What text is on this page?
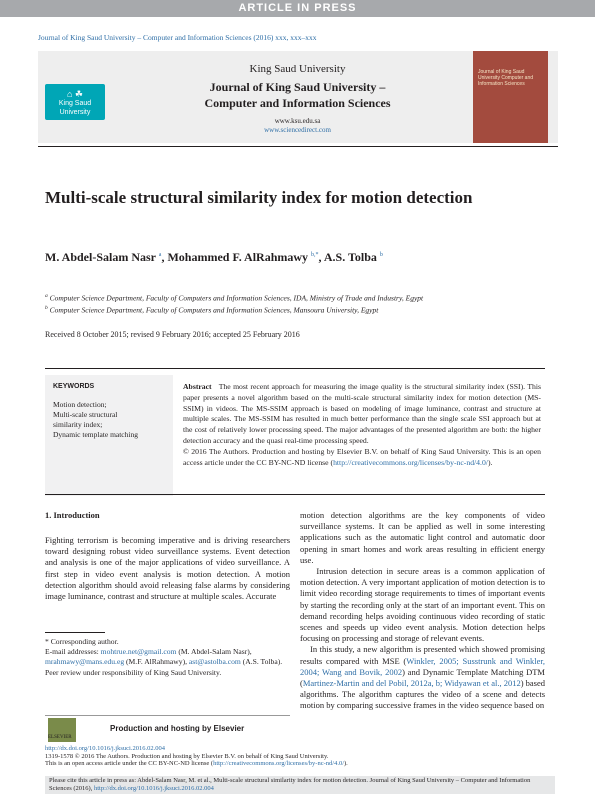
ARTICLE IN PRESS
Journal of King Saud University – Computer and Information Sciences (2016) xxx, xxx–xxx
⌂ ☘
King Saud University
King Saud University
Journal of King Saud University –
Computer and Information Sciences
www.ksu.edu.sa
www.sciencedirect.com
Journal of King Saud University Computer and Information Sciences
Multi-scale structural similarity index for motion detection
M. Abdel-Salam Nasr $^a$, Mohammed F. AlRahmawy $^{b,*}$, A.S. Tolba $^b$
$^a$ Computer Science Department, Faculty of Computers and Information Sciences, IDA, Ministry of Trade and Industry, Egypt
$^b$ Computer Science Department, Faculty of Computers and Information Sciences, Mansoura University, Egypt
Received 8 October 2015; revised 9 February 2016; accepted 25 February 2016
KEYWORDS
Motion detection;
Multi-scale structural
similarity index;
Dynamic template matching
Abstract The most recent approach for measuring the image quality is the structural similarity index (SSI). This paper presents a novel algorithm based on the multi-scale structural similarity index for motion detection (MS-SSIM) in videos. The MS-SSIM approach is based on modeling of image luminance, contrast and structure at multiple scales. The MS-SSIM has resulted in much better performance than the single scale SSI approach but at the cost of relatively lower processing speed. The major advantages of the presented algorithm are both: the higher detection accuracy and the quasi real-time processing speed.
© 2016 The Authors. Production and hosting by Elsevier B.V. on behalf of King Saud University. This is an open access article under the CC BY-NC-ND license (http://creativecommons.org/licenses/by-nc-nd/4.0/).
1. Introduction
Fighting terrorism is becoming imperative and is driving researchers toward designing robust video surveillance systems. Event detection and analysis is one of the major applications of video surveillance. A first step in video event analysis is motion detection. A motion detection algorithm should avoid releasing false alarms by considering image luminance, contrast and structure at multiple scales. Accurate
motion detection algorithms are the key components of video surveillance systems. It can be applied as well in some interesting applications such as the automatic light control and automatic door opening in smart homes and work areas resulting in efficient energy use.
Intrusion detection in secure areas is a common application of motion detection. A very important application of motion detection is to limit video recording storage requirements to times of important events by starting the recording only at the start of an important event. This on demand recording helps avoiding continuous video recording of static scenes and speeds up video event analysis. Motion detection helps focusing on processing and storage of relevant events.
In this study, a new algorithm is presented which showed promising results compared with MSE (Winkler, 2005; Susstrunk and Winkler, 2004; Wang and Bovik, 2002) and Dynamic Template Matching DTM (Martinez-Martin and del Pobil, 2012a, b; Widyawan et al., 2012) based algorithms. The algorithm captures the video of a scene and detects motion by comparing successive frames in the video sequence based on
* Corresponding author.
E-mail addresses: mohtrue.net@gmail.com (M. Abdel-Salam Nasr), mrahmawy@mans.edu.eg (M.F. AlRahmawy), ast@astolba.com (A.S. Tolba).
Peer review under responsibility of King Saud University.
ELSEVIER
Production and hosting by Elsevier
http://dx.doi.org/10.1016/j.jksuci.2016.02.004
1319-1578 © 2016 The Authors. Production and hosting by Elsevier B.V. on behalf of King Saud University.
This is an open access article under the CC BY-NC-ND license (http://creativecommons.org/licenses/by-nc-nd/4.0/).
Please cite this article in press as: Abdel-Salam Nasr, M. et al., Multi-scale structural similarity index for motion detection. Journal of King Saud University – Computer and Information Sciences (2016), http://dx.doi.org/10.1016/j.jksuci.2016.02.004
